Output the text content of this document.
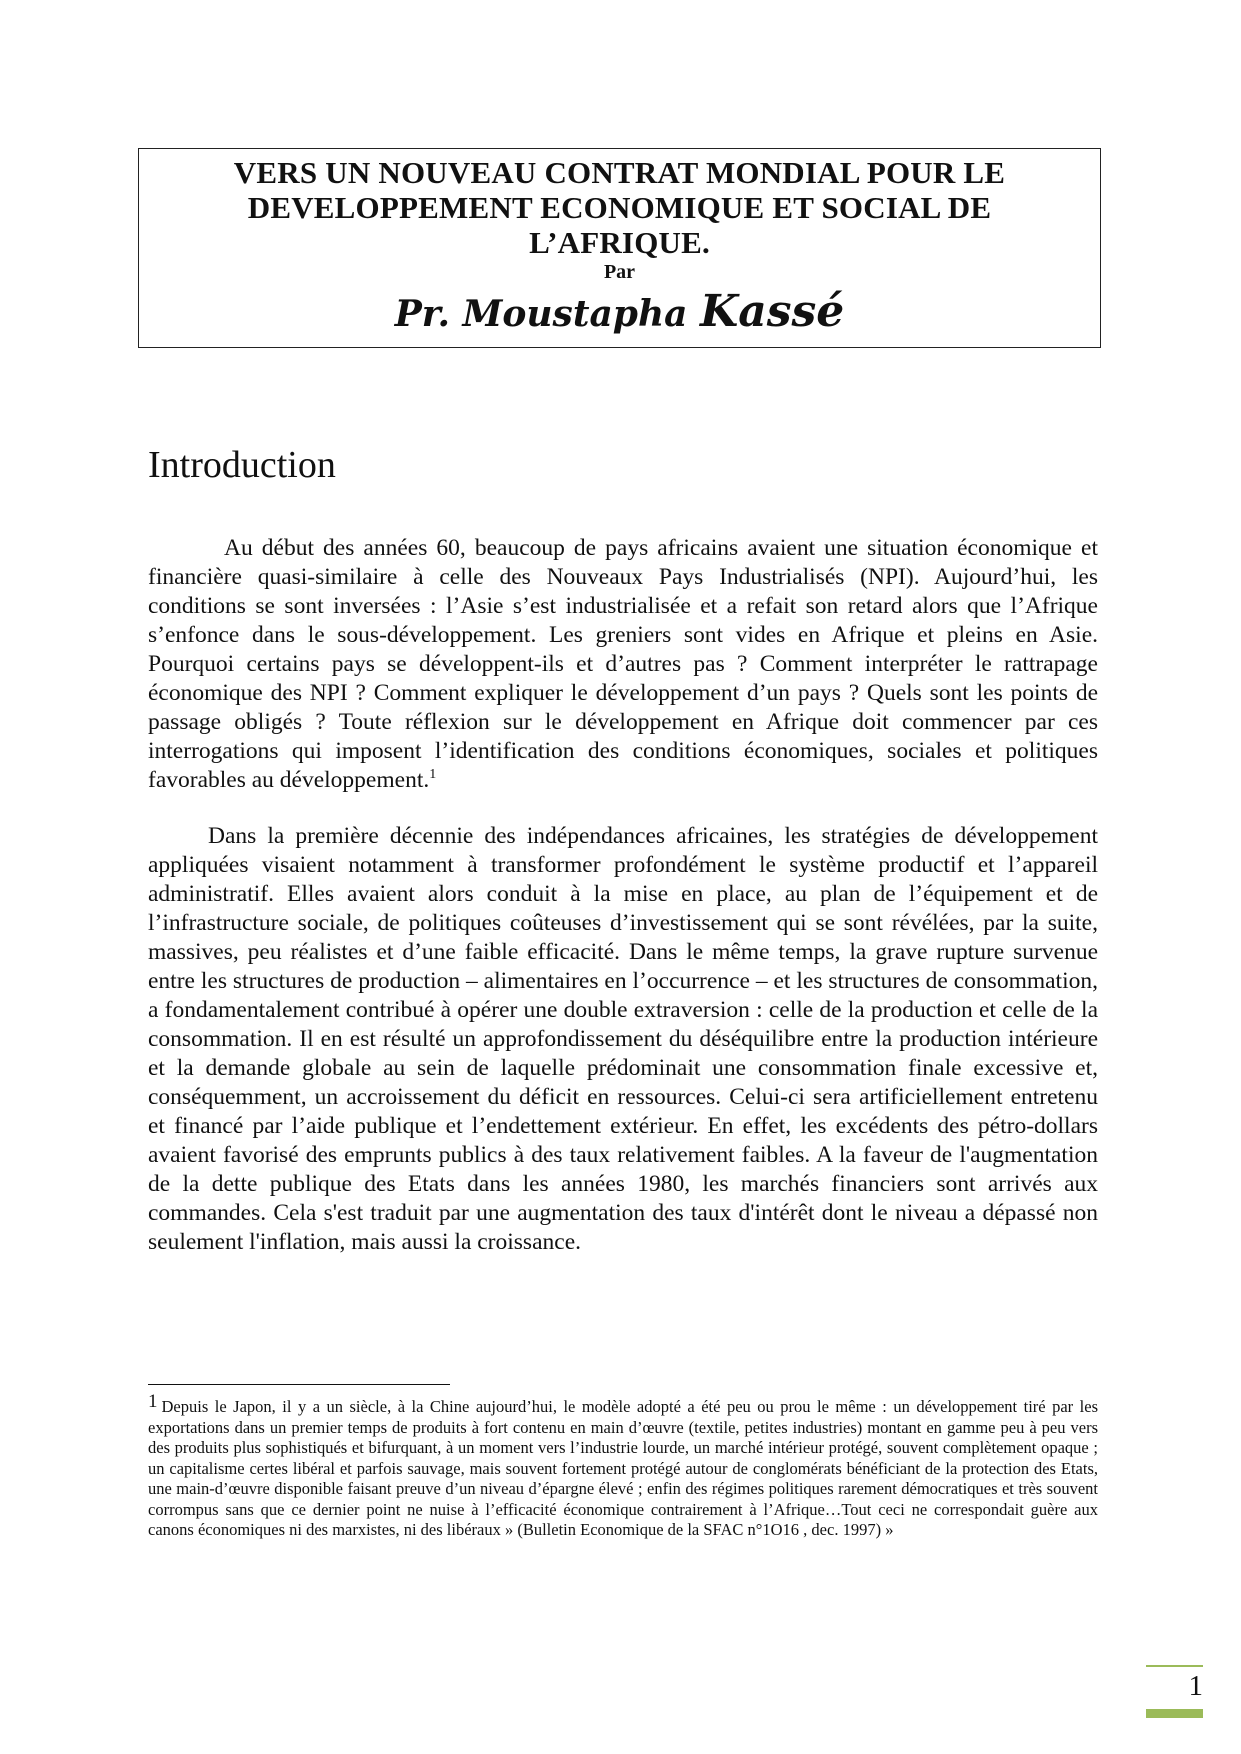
VERS UN NOUVEAU CONTRAT MONDIAL POUR LE
DEVELOPPEMENT ECONOMIQUE ET SOCIAL DE
L’AFRIQUE.
Par
Pr. Moustapha Kassé
Introduction

Au début des années 60, beaucoup de pays africains avaient une situation économique et financière quasi-similaire à celle des Nouveaux Pays Industrialisés (NPI). Aujourd’hui, les conditions se sont inversées : l’Asie s’est industrialisée et a refait son retard alors que l’Afrique s’enfonce dans le sous-développement. Les greniers sont vides en Afrique et pleins en Asie. Pourquoi certains pays se développent-ils et d’autres pas ? Comment interpréter le rattrapage économique des NPI ? Comment expliquer le développement d’un pays ? Quels sont les points de passage obligés ? Toute réflexion sur le développement en Afrique doit commencer par ces interrogations qui imposent l’identification des conditions économiques, sociales et politiques favorables au développement.$^1$

Dans la première décennie des indépendances africaines, les stratégies de développement appliquées visaient notamment à transformer profondément le système productif et l’appareil administratif. Elles avaient alors conduit à la mise en place, au plan de l’équipement et de l’infrastructure sociale, de politiques coûteuses d’investissement qui se sont révélées, par la suite, massives, peu réalistes et d’une faible efficacité. Dans le même temps, la grave rupture survenue entre les structures de production – alimentaires en l’occurrence – et les structures de consommation, a fondamentalement contribué à opérer une double extraversion : celle de la production et celle de la consommation. Il en est résulté un approfondissement du déséquilibre entre la production intérieure et la demande globale au sein de laquelle prédominait une consommation finale excessive et, conséquemment, un accroissement du déficit en ressources. Celui-ci sera artificiellement entretenu et financé par l’aide publique et l’endettement extérieur. En effet, les excédents des pétro-dollars avaient favorisé des emprunts publics à des taux relativement faibles. A la faveur de l'augmentation de la dette publique des Etats dans les années 1980, les marchés financiers sont arrivés aux commandes. Cela s'est traduit par une augmentation des taux d'intérêt dont le niveau a dépassé non seulement l'inflation, mais aussi la croissance.

1 Depuis le Japon, il y a un siècle, à la Chine aujourd’hui, le modèle adopté a été peu ou prou le même : un développement tiré par les exportations dans un premier temps de produits à fort contenu en main d’œuvre (textile, petites industries) montant en gamme peu à peu vers des produits plus sophistiqués et bifurquant, à un moment vers l’industrie lourde, un marché intérieur protégé, souvent complètement opaque ; un capitalisme certes libéral et parfois sauvage, mais souvent fortement protégé autour de conglomérats bénéficiant de la protection des Etats, une main-d’œuvre disponible faisant preuve d’un niveau d’épargne élevé ; enfin des régimes politiques rarement démocratiques et très souvent corrompus sans que ce dernier point ne nuise à l’efficacité économique contrairement à l’Afrique…Tout ceci ne correspondait guère aux canons économiques ni des marxistes, ni des libéraux » (Bulletin Economique de la SFAC n°1O16 , dec. 1997) »

1
